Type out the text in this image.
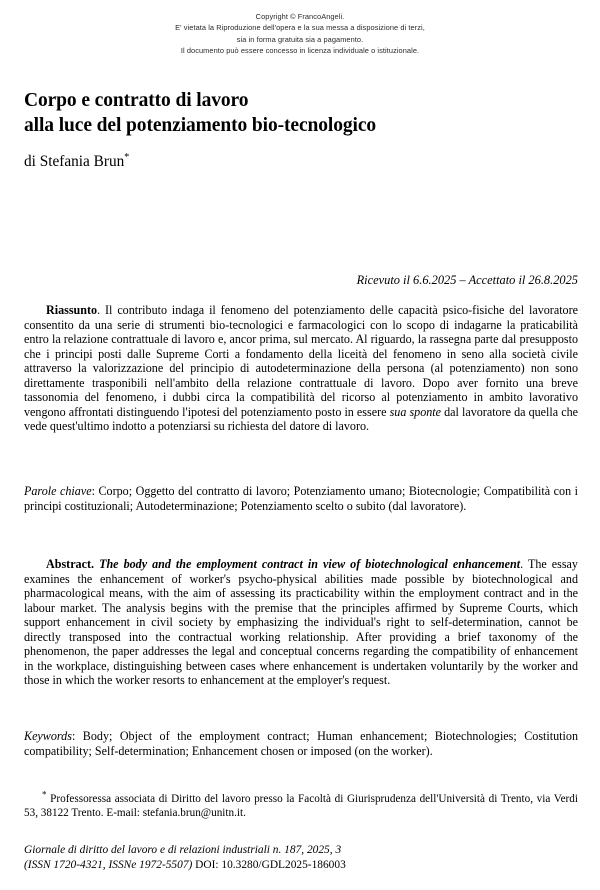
Copyright © FrancoAngeli.
E' vietata la Riproduzione dell'opera e la sua messa a disposizione di terzi,
sia in forma gratuita sia a pagamento.
Il documento può essere concesso in licenza individuale o istituzionale.
Corpo e contratto di lavoro
alla luce del potenziamento bio-tecnologico
di Stefania Brun*
Ricevuto il 6.6.2025 – Accettato il 26.8.2025
Riassunto. Il contributo indaga il fenomeno del potenziamento delle capacità psico-fisiche del lavoratore consentito da una serie di strumenti bio-tecnologici e farmacologici con lo scopo di indagarne la praticabilità entro la relazione contrattuale di lavoro e, ancor prima, sul mercato. Al riguardo, la rassegna parte dal presupposto che i principi posti dalle Supreme Corti a fondamento della liceità del fenomeno in seno alla società civile attraverso la valorizzazione del principio di autodeterminazione della persona (al potenziamento) non sono direttamente trasponibili nell'ambito della relazione contrattuale di lavoro. Dopo aver fornito una breve tassonomia del fenomeno, i dubbi circa la compatibilità del ricorso al potenziamento in ambito lavorativo vengono affrontati distinguendo l'ipotesi del potenziamento posto in essere sua sponte dal lavoratore da quella che vede quest'ultimo indotto a potenziarsi su richiesta del datore di lavoro.
Parole chiave: Corpo; Oggetto del contratto di lavoro; Potenziamento umano; Biotecnologie; Compatibilità con i principi costituzionali; Autodeterminazione; Potenziamento scelto o subito (dal lavoratore).
Abstract. The body and the employment contract in view of biotechnological enhancement. The essay examines the enhancement of worker's psycho-physical abilities made possible by biotechnological and pharmacological means, with the aim of assessing its practicability within the employment contract and in the labour market. The analysis begins with the premise that the principles affirmed by Supreme Courts, which support enhancement in civil society by emphasizing the individual's right to self-determination, cannot be directly transposed into the contractual working relationship. After providing a brief taxonomy of the phenomenon, the paper addresses the legal and conceptual concerns regarding the compatibility of enhancement in the workplace, distinguishing between cases where enhancement is undertaken voluntarily by the worker and those in which the worker resorts to enhancement at the employer's request.
Keywords: Body; Object of the employment contract; Human enhancement; Biotechnologies; Costitution compatibility; Self-determination; Enhancement chosen or imposed (on the worker).
* Professoressa associata di Diritto del lavoro presso la Facoltà di Giurisprudenza dell'Università di Trento, via Verdi 53, 38122 Trento. E-mail: stefania.brun@unitn.it.
Giornale di diritto del lavoro e di relazioni industriali n. 187, 2025, 3
(ISSN 1720-4321, ISSNe 1972-5507) DOI: 10.3280/GDL2025-186003
